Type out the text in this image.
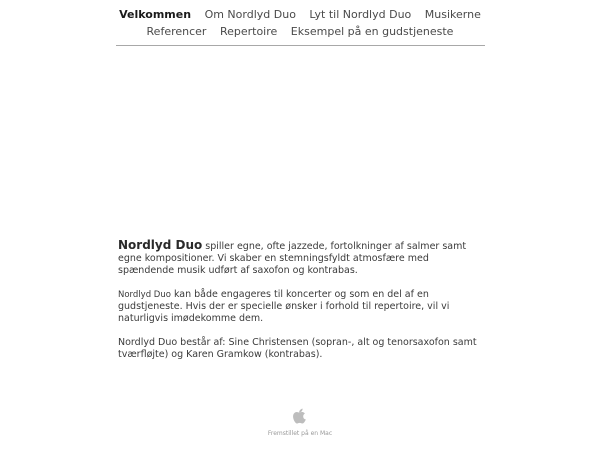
Velkommen Om Nordlyd Duo Lyt til Nordlyd Duo Musikerne
Referencer Repertoire Eksempel på en gudstjeneste

Nordlyd Duo spiller egne, ofte jazzede, fortolkninger af salmer samt egne kompositioner. Vi skaber en stemningsfyldt atmosfære med spændende musik udført af saxofon og kontrabas.

Nordlyd Duo kan både engageres til koncerter og som en del af en gudstjeneste. Hvis der er specielle ønsker i forhold til repertoire, vil vi naturligvis imødekomme dem.

Nordlyd Duo består af: Sine Christensen (sopran-, alt og tenorsaxofon samt tværfløjte) og Karen Gramkow (kontrabas).

Fremstillet på en Mac
